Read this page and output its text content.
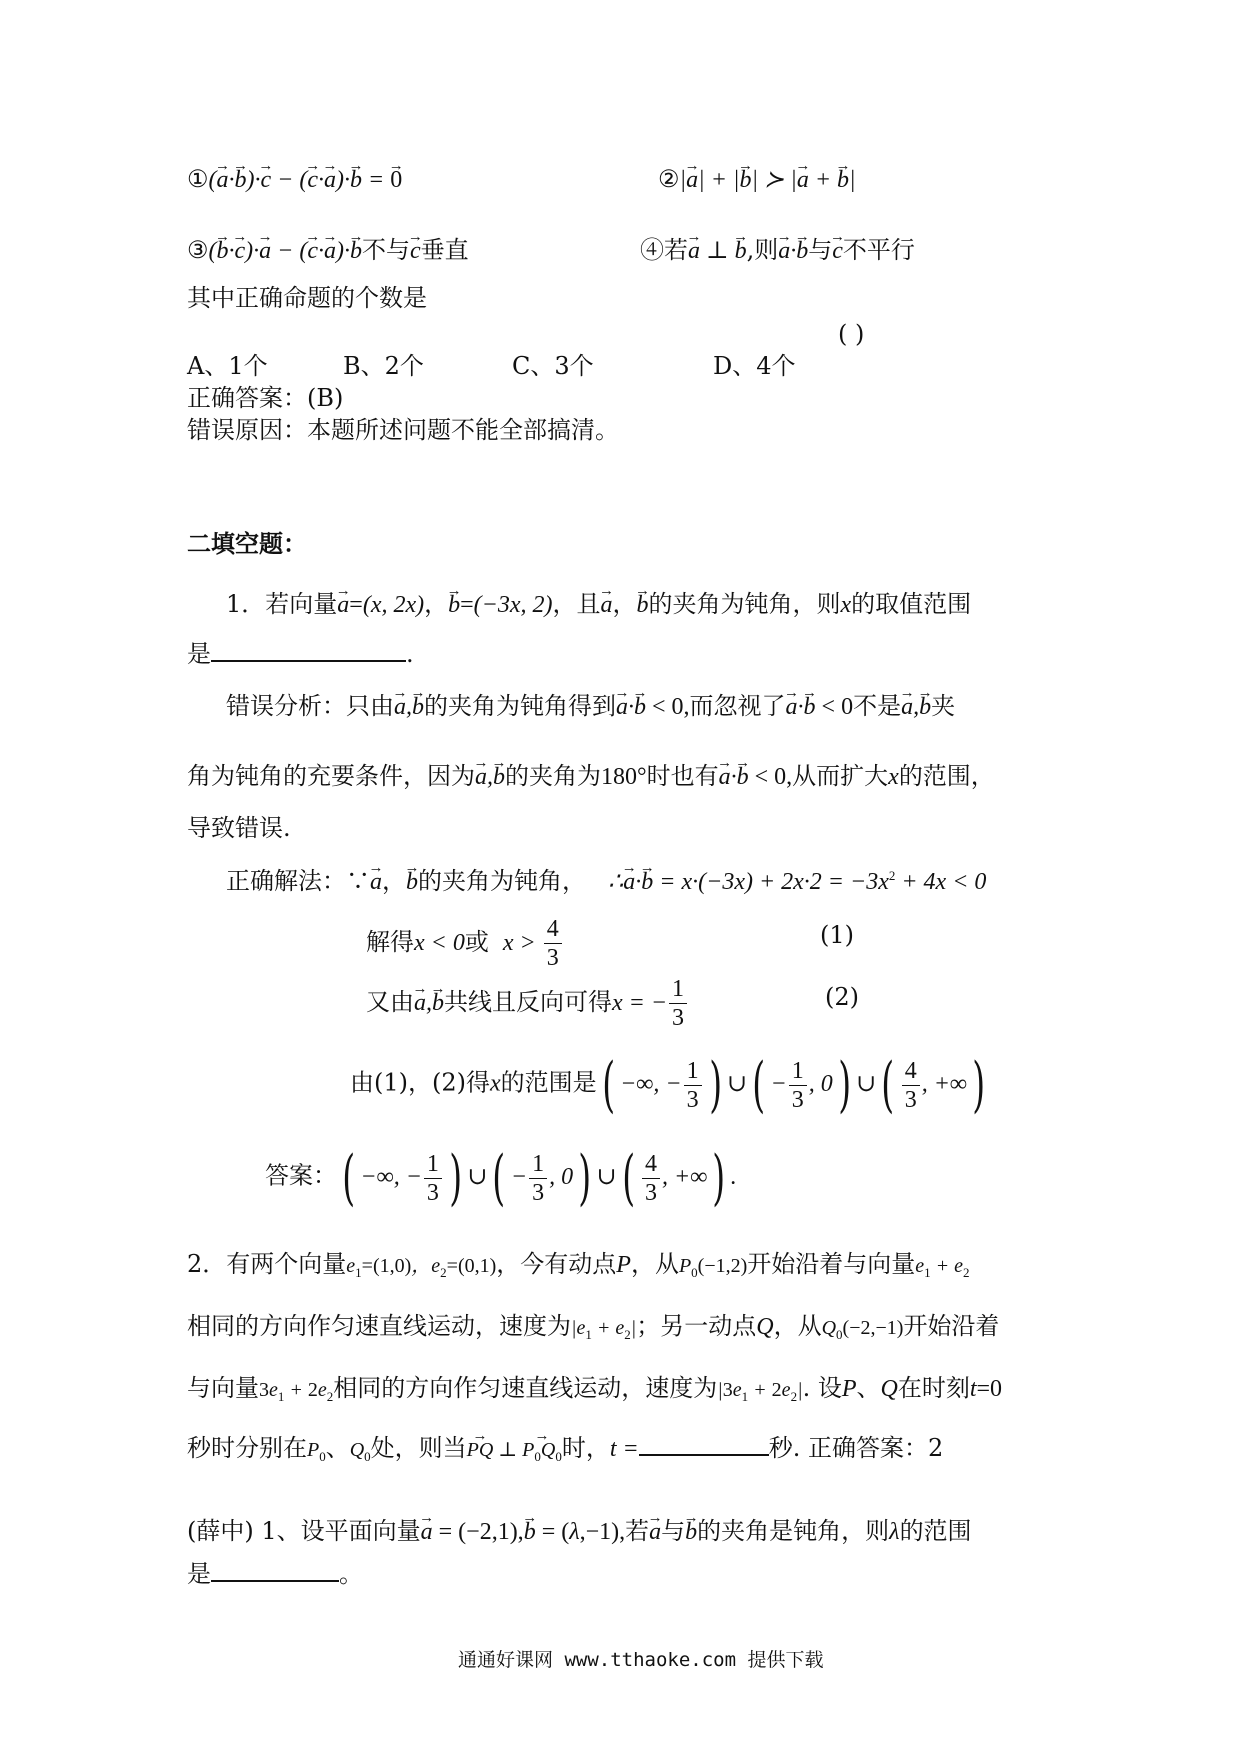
①(→ a·→ b)·→ c − (→ c·→ a)·→ b = → 0	②|→ a| + |→ b| ≻ |→ a + → b|
③(→ b·→ c)·→ a − (→ c·→ a)·→ b不与→ c垂直	④若→ a ⊥ → b,则→ a·→ b与→ c不平行
其中正确命题的个数是
( )
A、1个	B、2个	C、3个	D、4个
正确答案：(B)
错误原因：本题所述问题不能全部搞清。
二填空题：
1．若向量→ a=(x, 2x)，→ b=(−3x, 2)，且→ a，→ b的夹角为钝角，则x的取值范围
是	.
错误分析：只由→ a,→ b的夹角为钝角得到→ a·→ b < 0,而忽视了→ a·→ b < 0不是→ a,→ b夹
角为钝角的充要条件，因为→ a,→ b的夹角为180°时也有→ a·→ b < 0,从而扩大x的范围，
导致错误.
正确解法：∵→ a，→ b的夹角为钝角， ∴→ $a\cdot\to b = x\cdot(-3x) + 2x\cdot 2 = -3x^2 + 4x < 0$
解得x < 0或 $x > \frac{4}{3}$	(1)
又由→ a,→ b共线且反向可得x = − $\frac{1}{3}$	(2)
由(1)，(2)得x的范围是( −∞, − $\frac{1}{3}$ ) ∪( − $\frac{1}{3}$ , 0) ∪( $\frac{4}{3}$ , +∞)
答案：( −∞, − $\frac{1}{3}$ ) ∪( − $\frac{1}{3}$ , 0) ∪( $\frac{4}{3}$ , +∞) .
2．有两个向量$e_1=(1,0)$，$e_2=(0,1)$，今有动点P，从$P_0(-1,2)$开始沿着与向量$e_1 + e_2$
相同的方向作匀速直线运动，速度为$|e_1 + e_2|$；另一动点Q，从$Q_0(-2,-1)$开始沿着
与向量$3e_1 + 2e_2$相同的方向作匀速直线运动，速度为$|3e_1 + 2e_2|$. 设P、Q在时刻t=0
秒时分别在$P_0$、$Q_0$处，则当→ PQ ⊥ → $P_0Q_0$时，t =	秒. 正确答案：2
(薛中) 1、设平面向量→ a = (−2,1),→ b = (λ,−1),若→ a与→ b的夹角是钝角，则λ的范围
是	。
通通好课网 www.tthaoke.com 提供下载
